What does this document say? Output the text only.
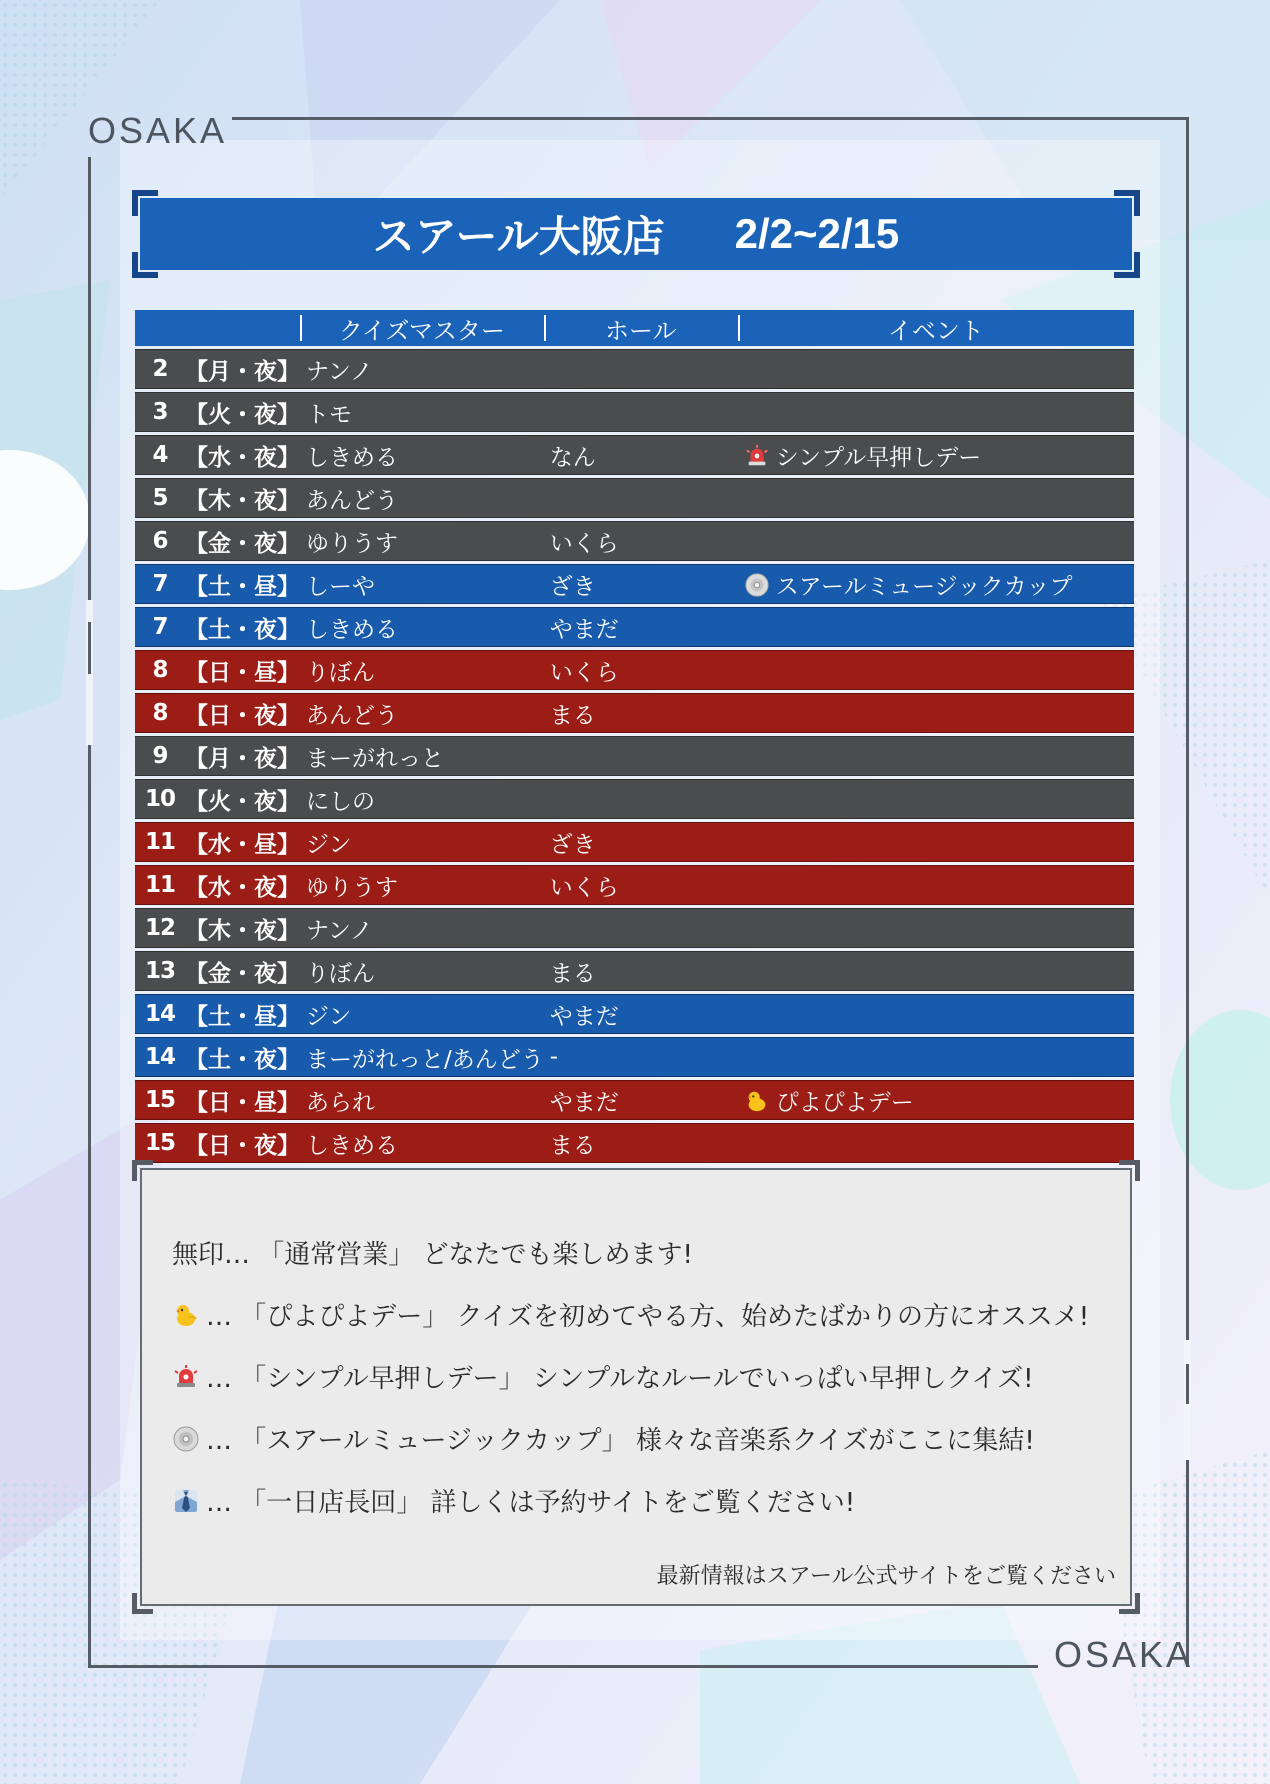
OSAKA
OSAKA
スアール大阪店 2/2~2/15
		クイズマスター	ホール	イベント
2	【月・夜】	ナンノ		
3	【火・夜】	トモ		
4	【水・夜】	しきめる	なん	シンプル早押しデー
5	【木・夜】	あんどう		
6	【金・夜】	ゆりうす	いくら	
7	【土・昼】	しーや	ざき	スアールミュージックカップ
7	【土・夜】	しきめる	やまだ	
8	【日・昼】	りぼん	いくら	
8	【日・夜】	あんどう	まる	
9	【月・夜】	まーがれっと		
10	【火・夜】	にしの		
11	【水・昼】	ジン	ざき	
11	【水・夜】	ゆりうす	いくら	
12	【木・夜】	ナンノ		
13	【金・夜】	りぼん	まる	
14	【土・昼】	ジン	やまだ	
14	【土・夜】	まーがれっと/あんどう	-	
15	【日・昼】	あられ	やまだ	ぴよぴよデー
15	【日・夜】	しきめる	まる	
無印 … 「通常営業」 どなたでも楽しめます!
… 「ぴよぴよデー」 クイズを初めてやる方、始めたばかりの方にオススメ!
… 「シンプル早押しデー」 シンプルなルールでいっぱい早押しクイズ!
… 「スアールミュージックカップ」 様々な音楽系クイズがここに集結!
… 「一日店長回」 詳しくは予約サイトをご覧ください!
最新情報はスアール公式サイトをご覧ください
